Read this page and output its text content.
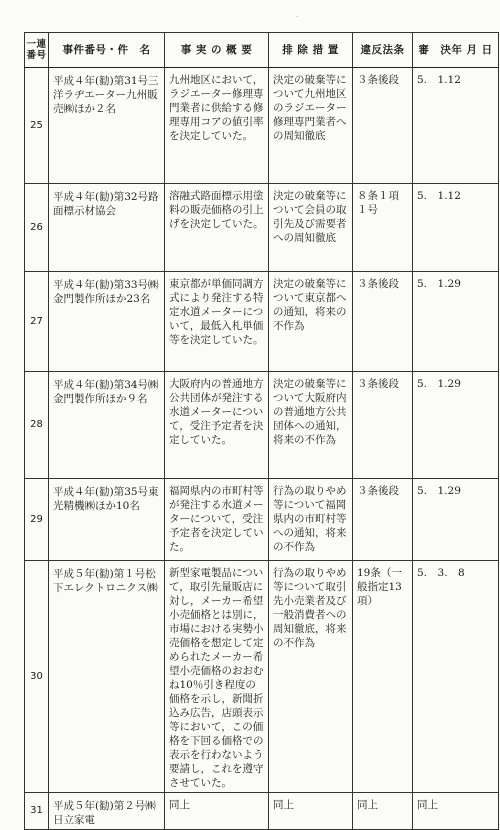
·
一連番号	事件番号・件　名	事 実 の 概 要	排 除 措 置	違反法条	審　決年 月 日
25	平成４年(勧)第31号三洋ラヂエーター九州販売㈱ほか２名	九州地区において，ラジエーター修理専門業者に供給する修理専用コアの値引率を決定していた。	決定の破棄等について九州地区のラジエーター修理専門業者への周知徹底	３条後段	5.　1.12
26	平成４年(勧)第32号路面標示材協会	溶融式路面標示用塗料の販売価格の引上げを決定していた。	決定の破棄等について会員の取引先及び需要者への周知徹底	８条１項１号	5.　1.12
27	平成４年(勧)第33号㈱金門製作所ほか23名	東京都が単価同調方式により発注する特定水道メーターについて，最低入札単価等を決定していた。	決定の破棄等について東京都への通知，将来の不作為	３条後段	5.　1.29
28	平成４年(勧)第34号㈱金門製作所ほか９名	大阪府内の普通地方公共団体が発注する水道メーターについて，受注予定者を決定していた。	決定の破棄等について大阪府内の普通地方公共団体への通知，将来の不作為	３条後段	5.　1.29
29	平成４年(勧)第35号東光精機㈱ほか10名	福岡県内の市町村等が発注する水道メーターについて，受注予定者を決定していた。	行為の取りやめ等について福岡県内の市町村等への通知，将来の不作為	３条後段	5.　1.29
30	平成５年(勧)第１号松下エレクトロニクス㈱	新型家電製品について，取引先量販店に対し，メーカー希望小売価格とは別に，市場における実勢小売価格を想定して定められたメーカー希望小売価格のおおむね10％引き程度の価格を示し，新聞折込み広告，店頭表示等において，この価格を下回る価格での表示を行わないよう要請し，これを遵守させていた。	行為の取りやめ等について取引先小売業者及び一般消費者への周知徹底，将来の不作為	19条（一般指定13項）	5.　3.　8
31	平成５年(勧)第２号㈱日立家電	同上	同上	同上	同上
